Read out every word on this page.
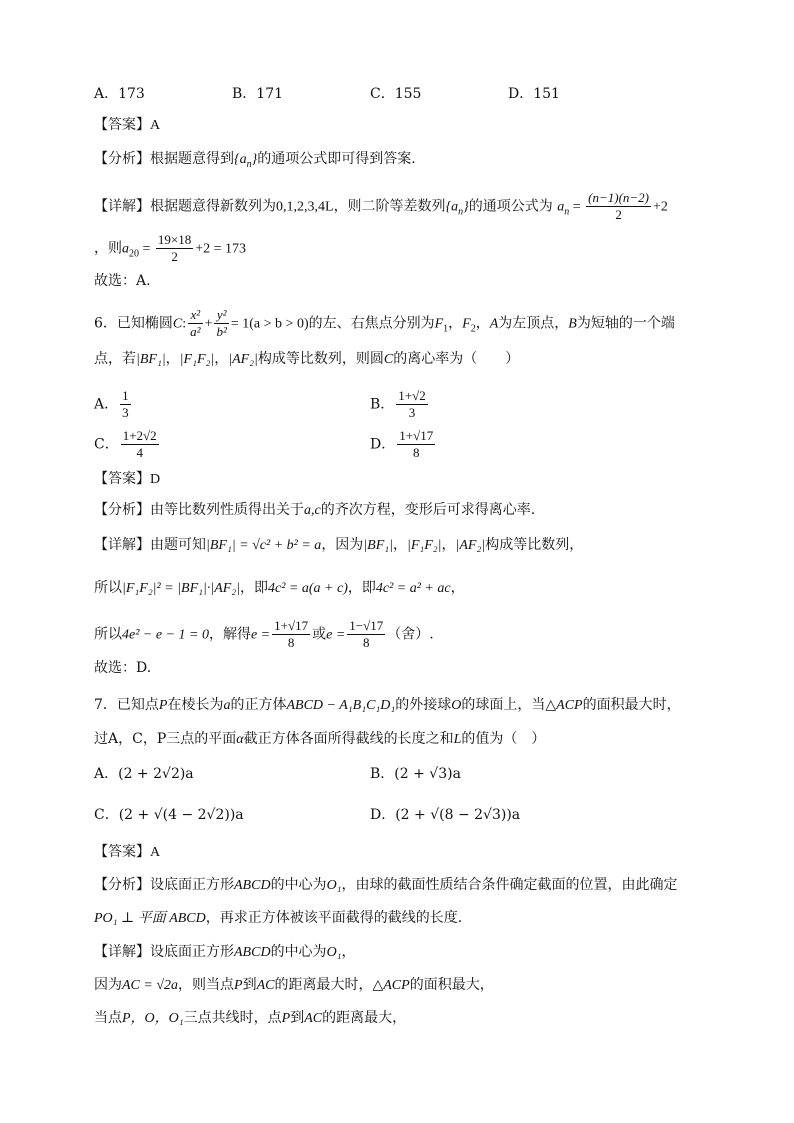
A．173	B．171	C．155	D．151
【答案】A
【分析】根据题意得到$\{a_n\}$的通项公式即可得到答案.
【详解】根据题意得新数列为0,1,2,3,4L，则二阶等差数列$\{a_n\}$的通项公式为 $a_n = \frac{(n-1)(n-2)}{2} +2$
，则$a_{20} = \frac{19\times 18}{2} +2 = 173$
故选：A.
6．已知椭圆C: $\frac{\text{x²}}{\text{a²}} + \frac{\text{y²}}{\text{b²}} = 1(a > b > 0)$的左、右焦点分别为$F_1$，$F_2$，A为左顶点，B为短轴的一个端
点，若|BF₁|，|F₁F₂|，|AF₂|构成等比数列，则圆C的离心率为（　　）
A． $\frac{1}{3}$	B． $\frac{1+√2}{3}$
C． $\frac{1+2√2}{4}$	D． $\frac{1+√17}{8}$
【答案】D
【分析】由等比数列性质得出关于a,c的齐次方程，变形后可求得离心率.
【详解】由题可知|BF₁| = √c² + b² = a，因为|BF₁|，|F₁F₂|，|AF₂|构成等比数列，
所以|F₁F₂|² = |BF₁|·|AF₂|，即4c² = a(a + c)，即4c² = a² + ac，
所以4e² − e − 1 = 0，解得$e = \frac{1+√17}{8}$ 或$e = \frac{1-√17}{8}$ （舍）.
故选：D.
7．已知点P在棱长为a的正方体ABCD − A₁B₁C₁D₁的外接球O的球面上，当△ACP的面积最大时，
过A，C，P三点的平面α截正方体各面所得截线的长度之和L的值为（　）
A．(2 + 2√2)a	B．(2 + √3)a
C．(2 + √(4 − 2√2))a	D．(2 + √(8 − 2√3))a
【答案】A
【分析】设底面正方形ABCD的中心为O₁，由球的截面性质结合条件确定截面的位置，由此确定
PO₁ ⊥ 平面 ABCD，再求正方体被该平面截得的截线的长度.
【详解】设底面正方形ABCD的中心为O₁，
因为AC = √2a，则当点P到AC的距离最大时，△ACP的面积最大，
当点P，O，O₁三点共线时，点P到AC的距离最大，
